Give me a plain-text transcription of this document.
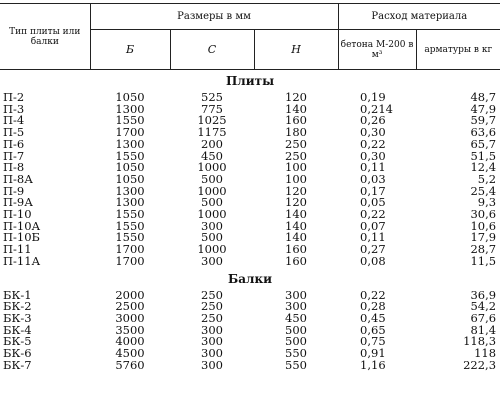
Тип плиты или балки	Размеры в мм			Расход материала	
	Б	С	Н	бетона М-200 в м³	арматуры в кг
Плиты					
П-2	1050	525	120	0,19	48,7
П-3	1300	775	140	0,214	47,9
П-4	1550	1025	160	0,26	59,7
П-5	1700	1175	180	0,30	63,6
П-6	1300	200	250	0,22	65,7
П-7	1550	450	250	0,30	51,5
П-8	1050	1000	100	0,11	12,4
П-8А	1050	500	100	0,03	5,2
П-9	1300	1000	120	0,17	25,4
П-9А	1300	500	120	0,05	9,3
П-10	1550	1000	140	0,22	30,6
П-10А	1550	300	140	0,07	10,6
П-10Б	1550	500	140	0,11	17,9
П-11	1700	1000	160	0,27	28,7
П-11А	1700	300	160	0,08	11,5
Балки					
БК-1	2000	250	300	0,22	36,9
БК-2	2500	250	300	0,28	54,2
БК-3	3000	250	450	0,45	67,6
БК-4	3500	300	500	0,65	81,4
БК-5	4000	300	500	0,75	118,3
БК-6	4500	300	550	0,91	118
БК-7	5760	300	550	1,16	222,3
